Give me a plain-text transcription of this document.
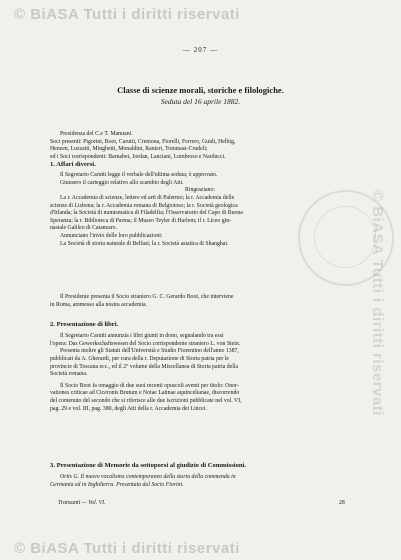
© BiASA Tutti i diritti riservati
© BiASA Tutti i diritti riservati
— 207 —
Classe di scienze morali, storiche e filologiche.
Seduta del 16 aprile 1882.

Presidenza del C.e T. Mamiani.

Soci presenti: Pigorini, Boot, Carutti, Cremona, Fiorelli, Ferrero, Guidi, Helbig,

Henzen, Luzzatti, Minghetti, Monaldini, Ranieri, Tommasi-Crudeli;

ed i Soci corrispondenti: Barnabei, Jordan, Lanciani, Lumbroso e Narducci.

1. Affari diversi.

Il Segretario Carutti legge il verbale dell'ultima seduta; è approvato.

Giunsero il carteggio relativo allo scambio degli Atti.

Ringraziano:

La r. Accademia di scienze, lettere ed arti di Palermo; la r. Accademia delle

scienze di Lisbona; la r. Accademia romana di Belgioioso; la r. Società geologica

d'Irlanda; la Società di numismatica di Filadelfia; l'Osservatorio del Capo di Buona

Speranza; la r. Biblioteca di Parma; il Museo Teyler di Harlem; il r. Liceo gin-

nasiale Galileo di Catanzaro.

Annunciano l'invio delle loro pubblicazioni:

La Società di storia naturale di Belfast; la r. Società asiatica di Shanghai.

Il Presidente presenta il Socio straniero G. C. Gerardo Boot, che interviene

in Roma, ammesso alla nostra accademia.

2. Presentazione di libri.

Il Segretario Carutti annunzia i libri giunti in dono, segnalando tra essi

l'opera: Das Gewerkschaftswesen del Socio corrispondente straniero L. von Stein.

Presenta inoltre gli Statuti dell'Università e Studio Fiorentino dell'anno 1387,

pubblicati da A. Gherardi, per cura della r. Deputazione di Storia patria per le

provincie di Toscana ecc., ed il 2° volume della Miscellanea di Storia patria della

Società romana.

Il Socio Boot fa omaggio di due suoi recenti opuscoli aventi per titolo: Onor-

vationes criticae ad Ciceronis Brutum e Notae Latinae aquincelianae, discorrendo

del contenuto del secondo che si riferisce alle due iscrizioni pubblicate nel vol. VI,

pag. 29 e vol. III, pag. 380, degli Atti della r. Accademia dei Lincei.

3. Presentazione di Memorie da sottoporsi al giudizio di Commissioni.

Ortis G. Il nuovo vocalismo contemporaneo della storia della commenda in

Germania ed in Inghilterra. Presentata dal Socio Fiorini.

Transunti — Vol. VI.	28
© BiASA Tutti i diritti riservati
